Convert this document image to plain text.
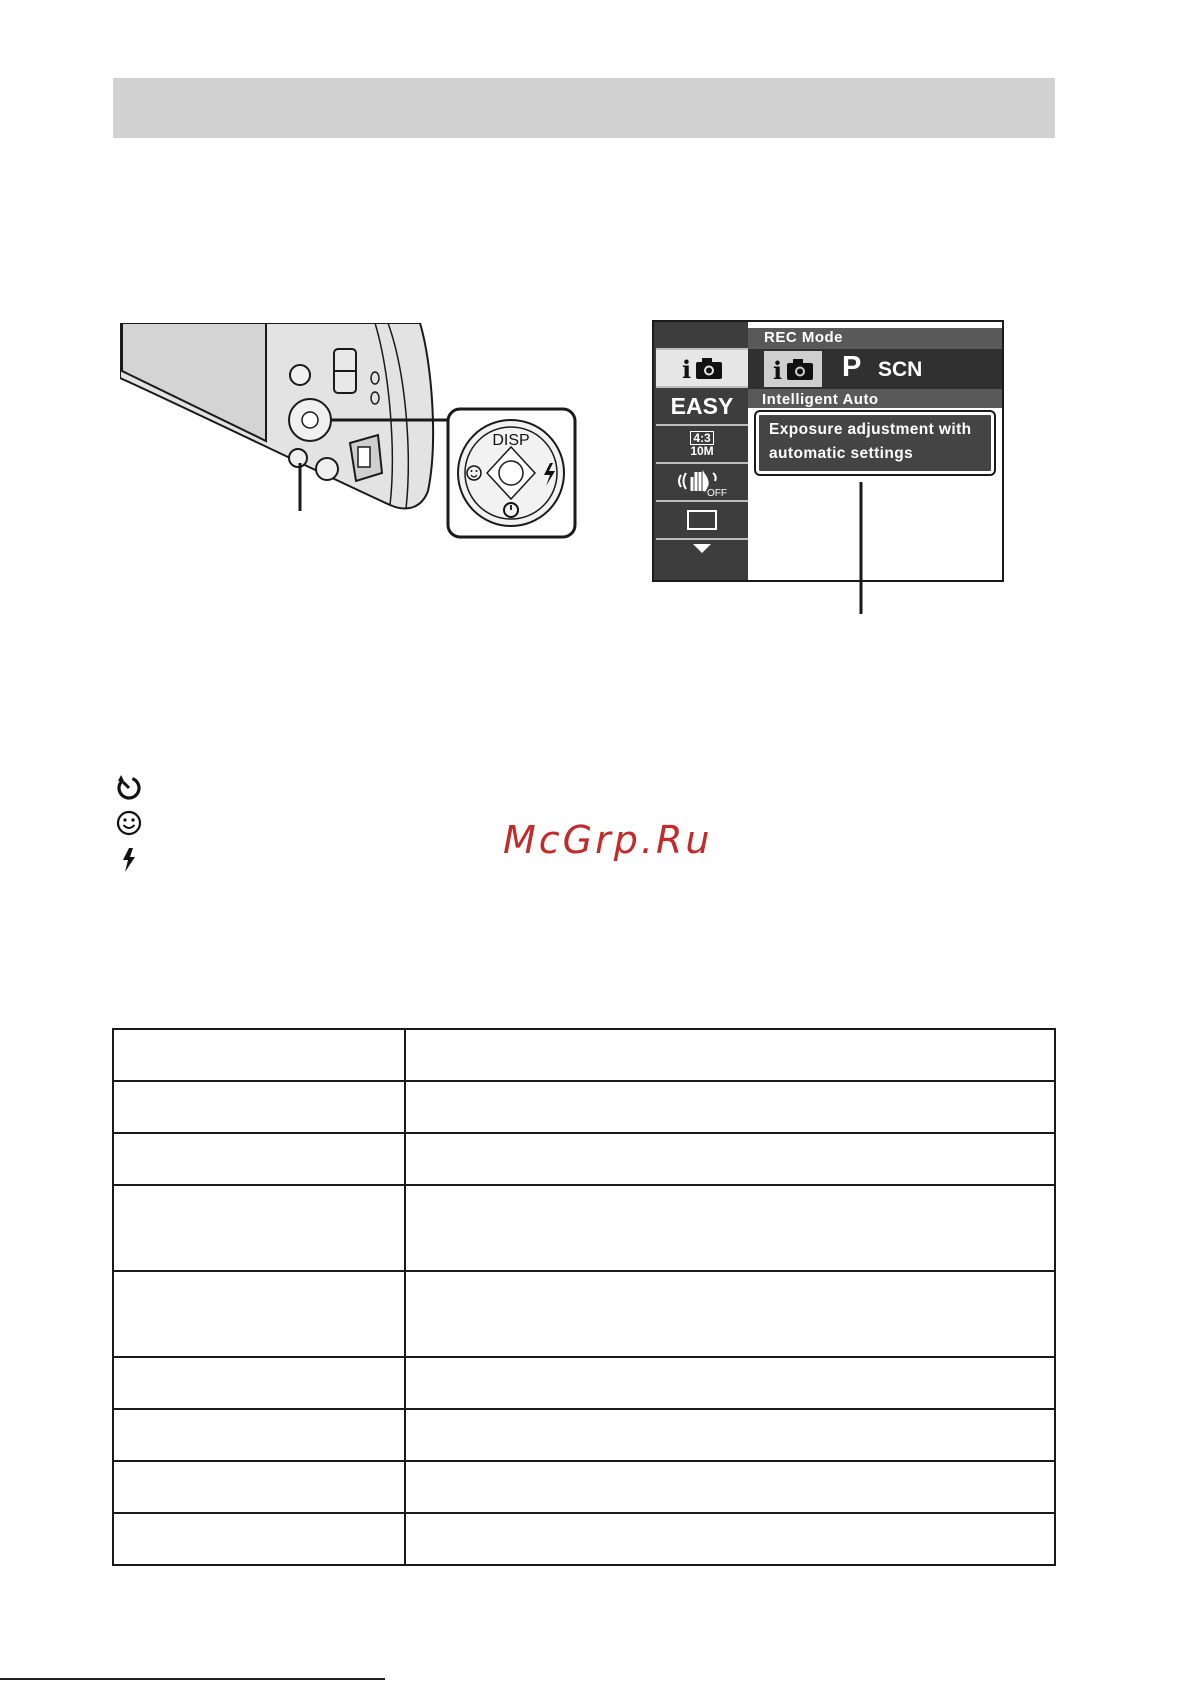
DISP
i
EASY
4:3
10M
OFF
REC Mode
i P SCN
Intelligent Auto
Exposure adjustment with
automatic settings
McGrp.Ru
